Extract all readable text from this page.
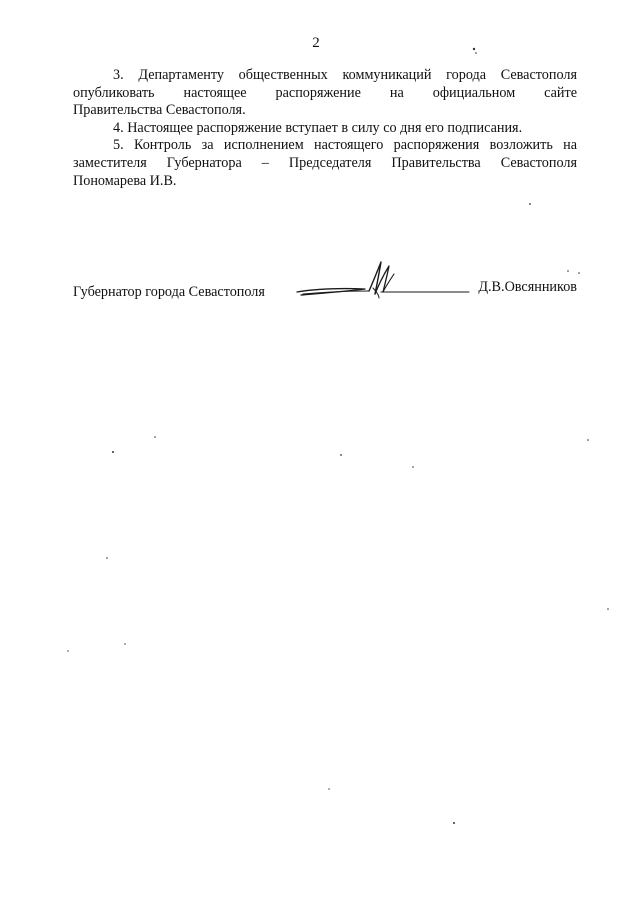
2

3. Департаменту общественных коммуникаций города Севастополя опубликовать настоящее распоряжение на официальном сайте

Правительства Севастополя.

4. Настоящее распоряжение вступает в силу со дня его подписания.

5. Контроль за исполнением настоящего распоряжения возложить на заместителя Губернатора – Председателя Правительства Севастополя

Пономарева И.В.

Губернатор города Севастополя	Д.В.Овсянников
